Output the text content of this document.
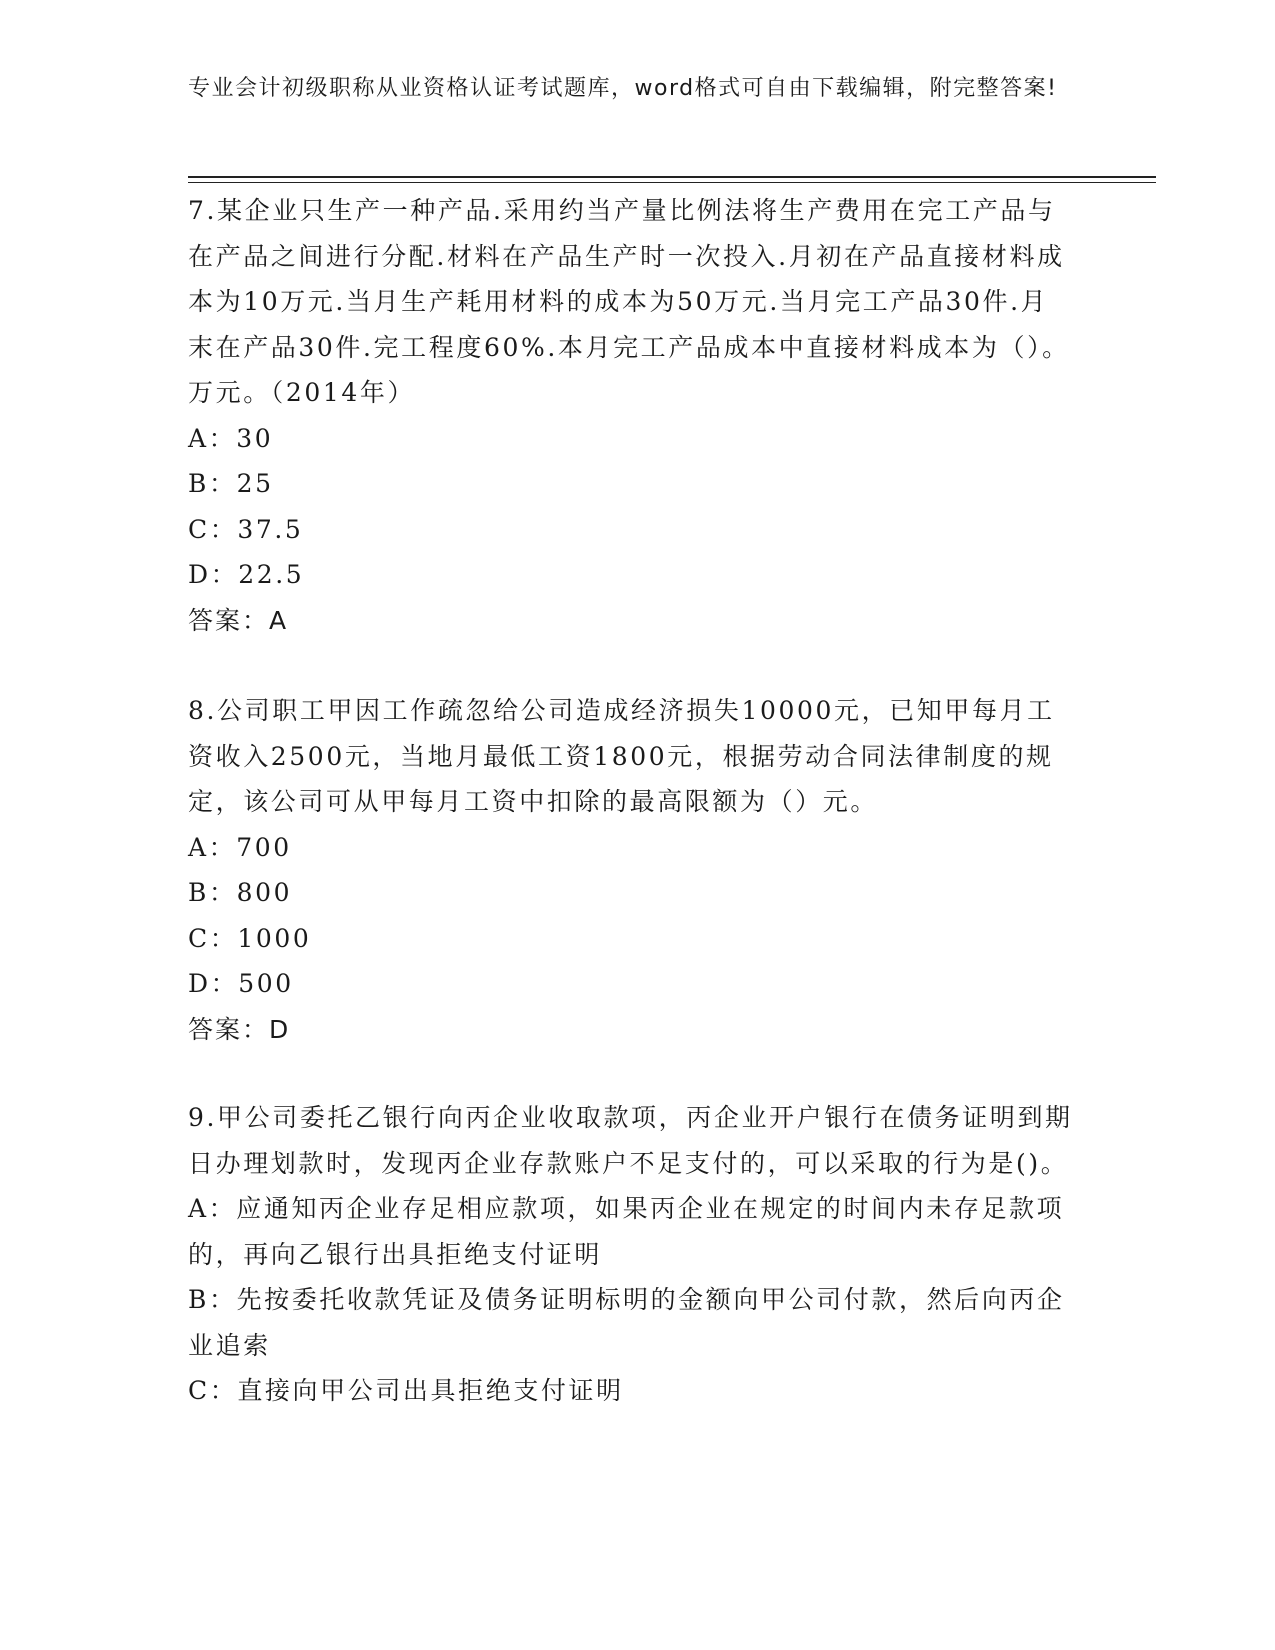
专业会计初级职称从业资格认证考试题库，word格式可自由下载编辑，附完整答案!

7.某企业只生产一种产品.采用约当产量比例法将生产费用在完工产品与在产品之间进行分配.材料在产品生产时一次投入.月初在产品直接材料成本为10万元.当月生产耗用材料的成本为50万元.当月完工产品30件.月末在产品30件.完工程度60%.本月完工产品成本中直接材料成本为（）。万元。（2014年）

A：30

B：25

C：37.5

D：22.5

答案：A

8.公司职工甲因工作疏忽给公司造成经济损失10000元，已知甲每月工资收入2500元，当地月最低工资1800元，根据劳动合同法律制度的规定，该公司可从甲每月工资中扣除的最高限额为（）元。

A：700

B：800

C：1000

D：500

答案：D

9.甲公司委托乙银行向丙企业收取款项，丙企业开户银行在债务证明到期日办理划款时，发现丙企业存款账户不足支付的，可以采取的行为是()。

A：应通知丙企业存足相应款项，如果丙企业在规定的时间内未存足款项的，再向乙银行出具拒绝支付证明

B：先按委托收款凭证及债务证明标明的金额向甲公司付款，然后向丙企业追索

C：直接向甲公司出具拒绝支付证明
